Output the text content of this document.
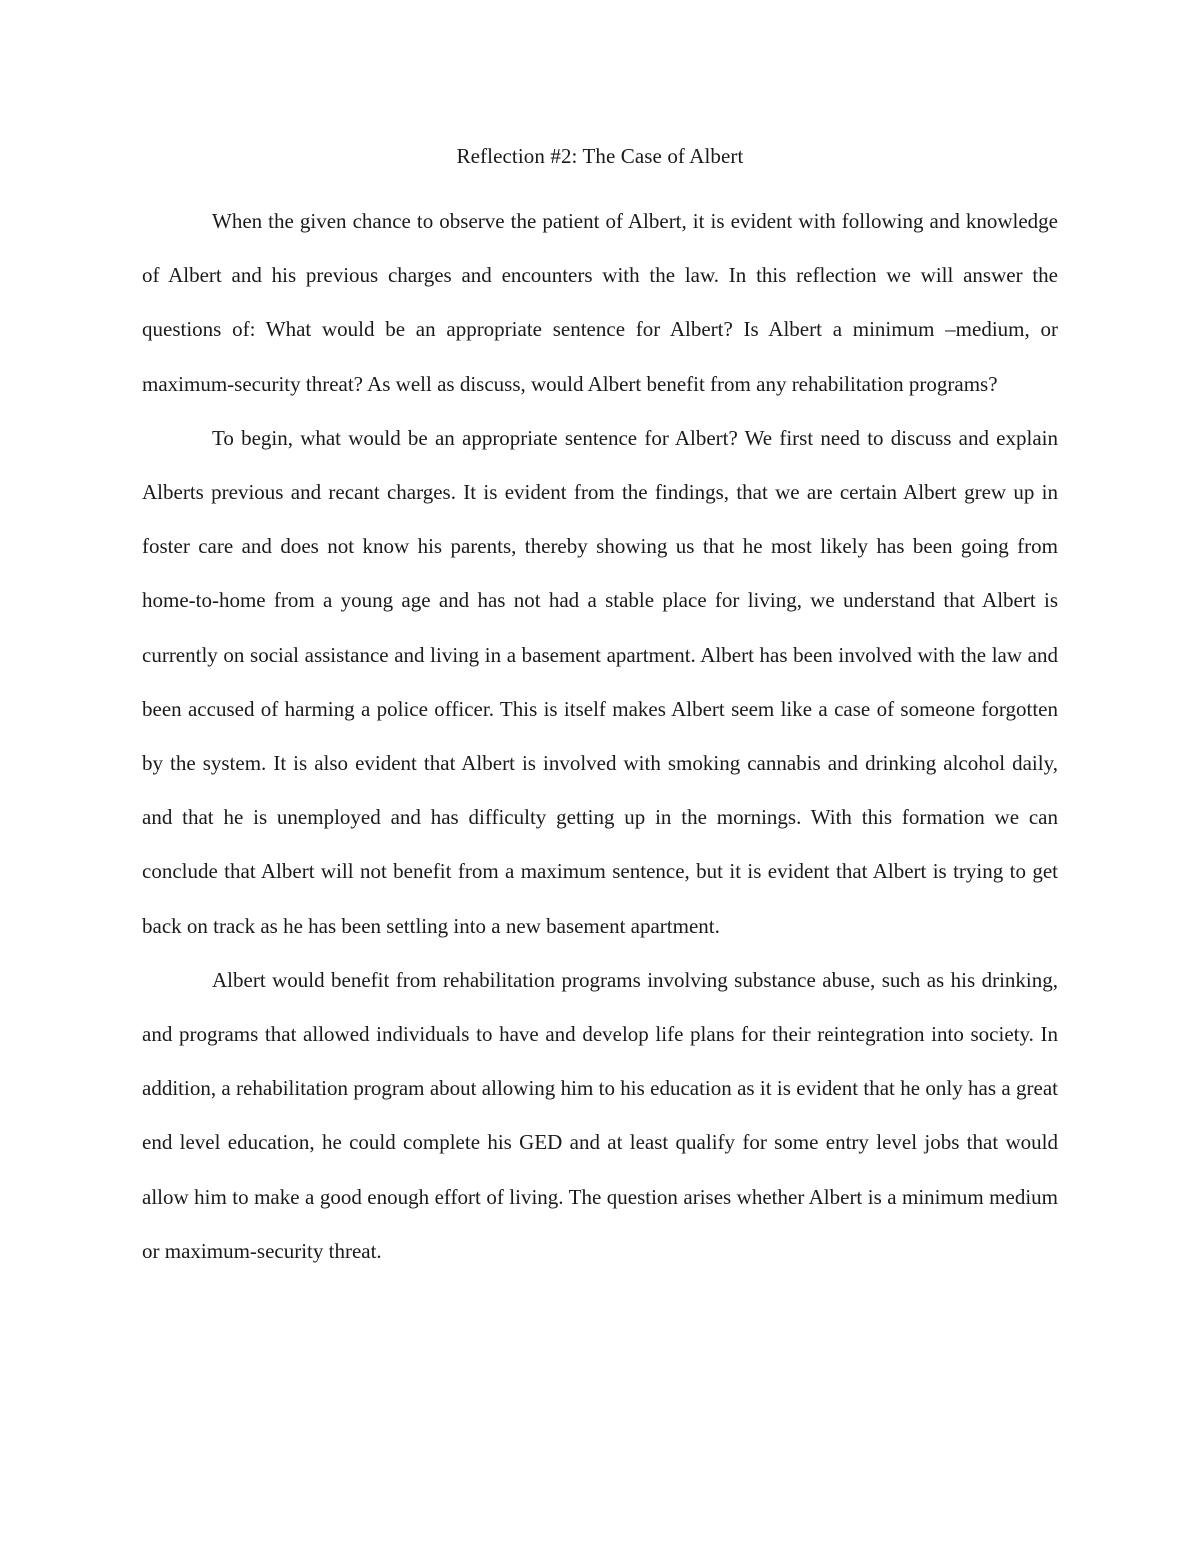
Reflection #2: The Case of Albert

When the given chance to observe the patient of Albert, it is evident with following and knowledge of Albert and his previous charges and encounters with the law. In this reflection we will answer the questions of: What would be an appropriate sentence for Albert? Is Albert a minimum –medium, or maximum-security threat? As well as discuss, would Albert benefit from any rehabilitation programs?

To begin, what would be an appropriate sentence for Albert? We first need to discuss and explain Alberts previous and recant charges. It is evident from the findings, that we are certain Albert grew up in foster care and does not know his parents, thereby showing us that he most likely has been going from home-to-home from a young age and has not had a stable place for living, we understand that Albert is currently on social assistance and living in a basement apartment. Albert has been involved with the law and been accused of harming a police officer. This is itself makes Albert seem like a case of someone forgotten by the system. It is also evident that Albert is involved with smoking cannabis and drinking alcohol daily, and that he is unemployed and has difficulty getting up in the mornings. With this formation we can conclude that Albert will not benefit from a maximum sentence, but it is evident that Albert is trying to get back on track as he has been settling into a new basement apartment.

Albert would benefit from rehabilitation programs involving substance abuse, such as his drinking, and programs that allowed individuals to have and develop life plans for their reintegration into society. In addition, a rehabilitation program about allowing him to his education as it is evident that he only has a great end level education, he could complete his GED and at least qualify for some entry level jobs that would allow him to make a good enough effort of living. The question arises whether Albert is a minimum medium or maximum-security threat.
